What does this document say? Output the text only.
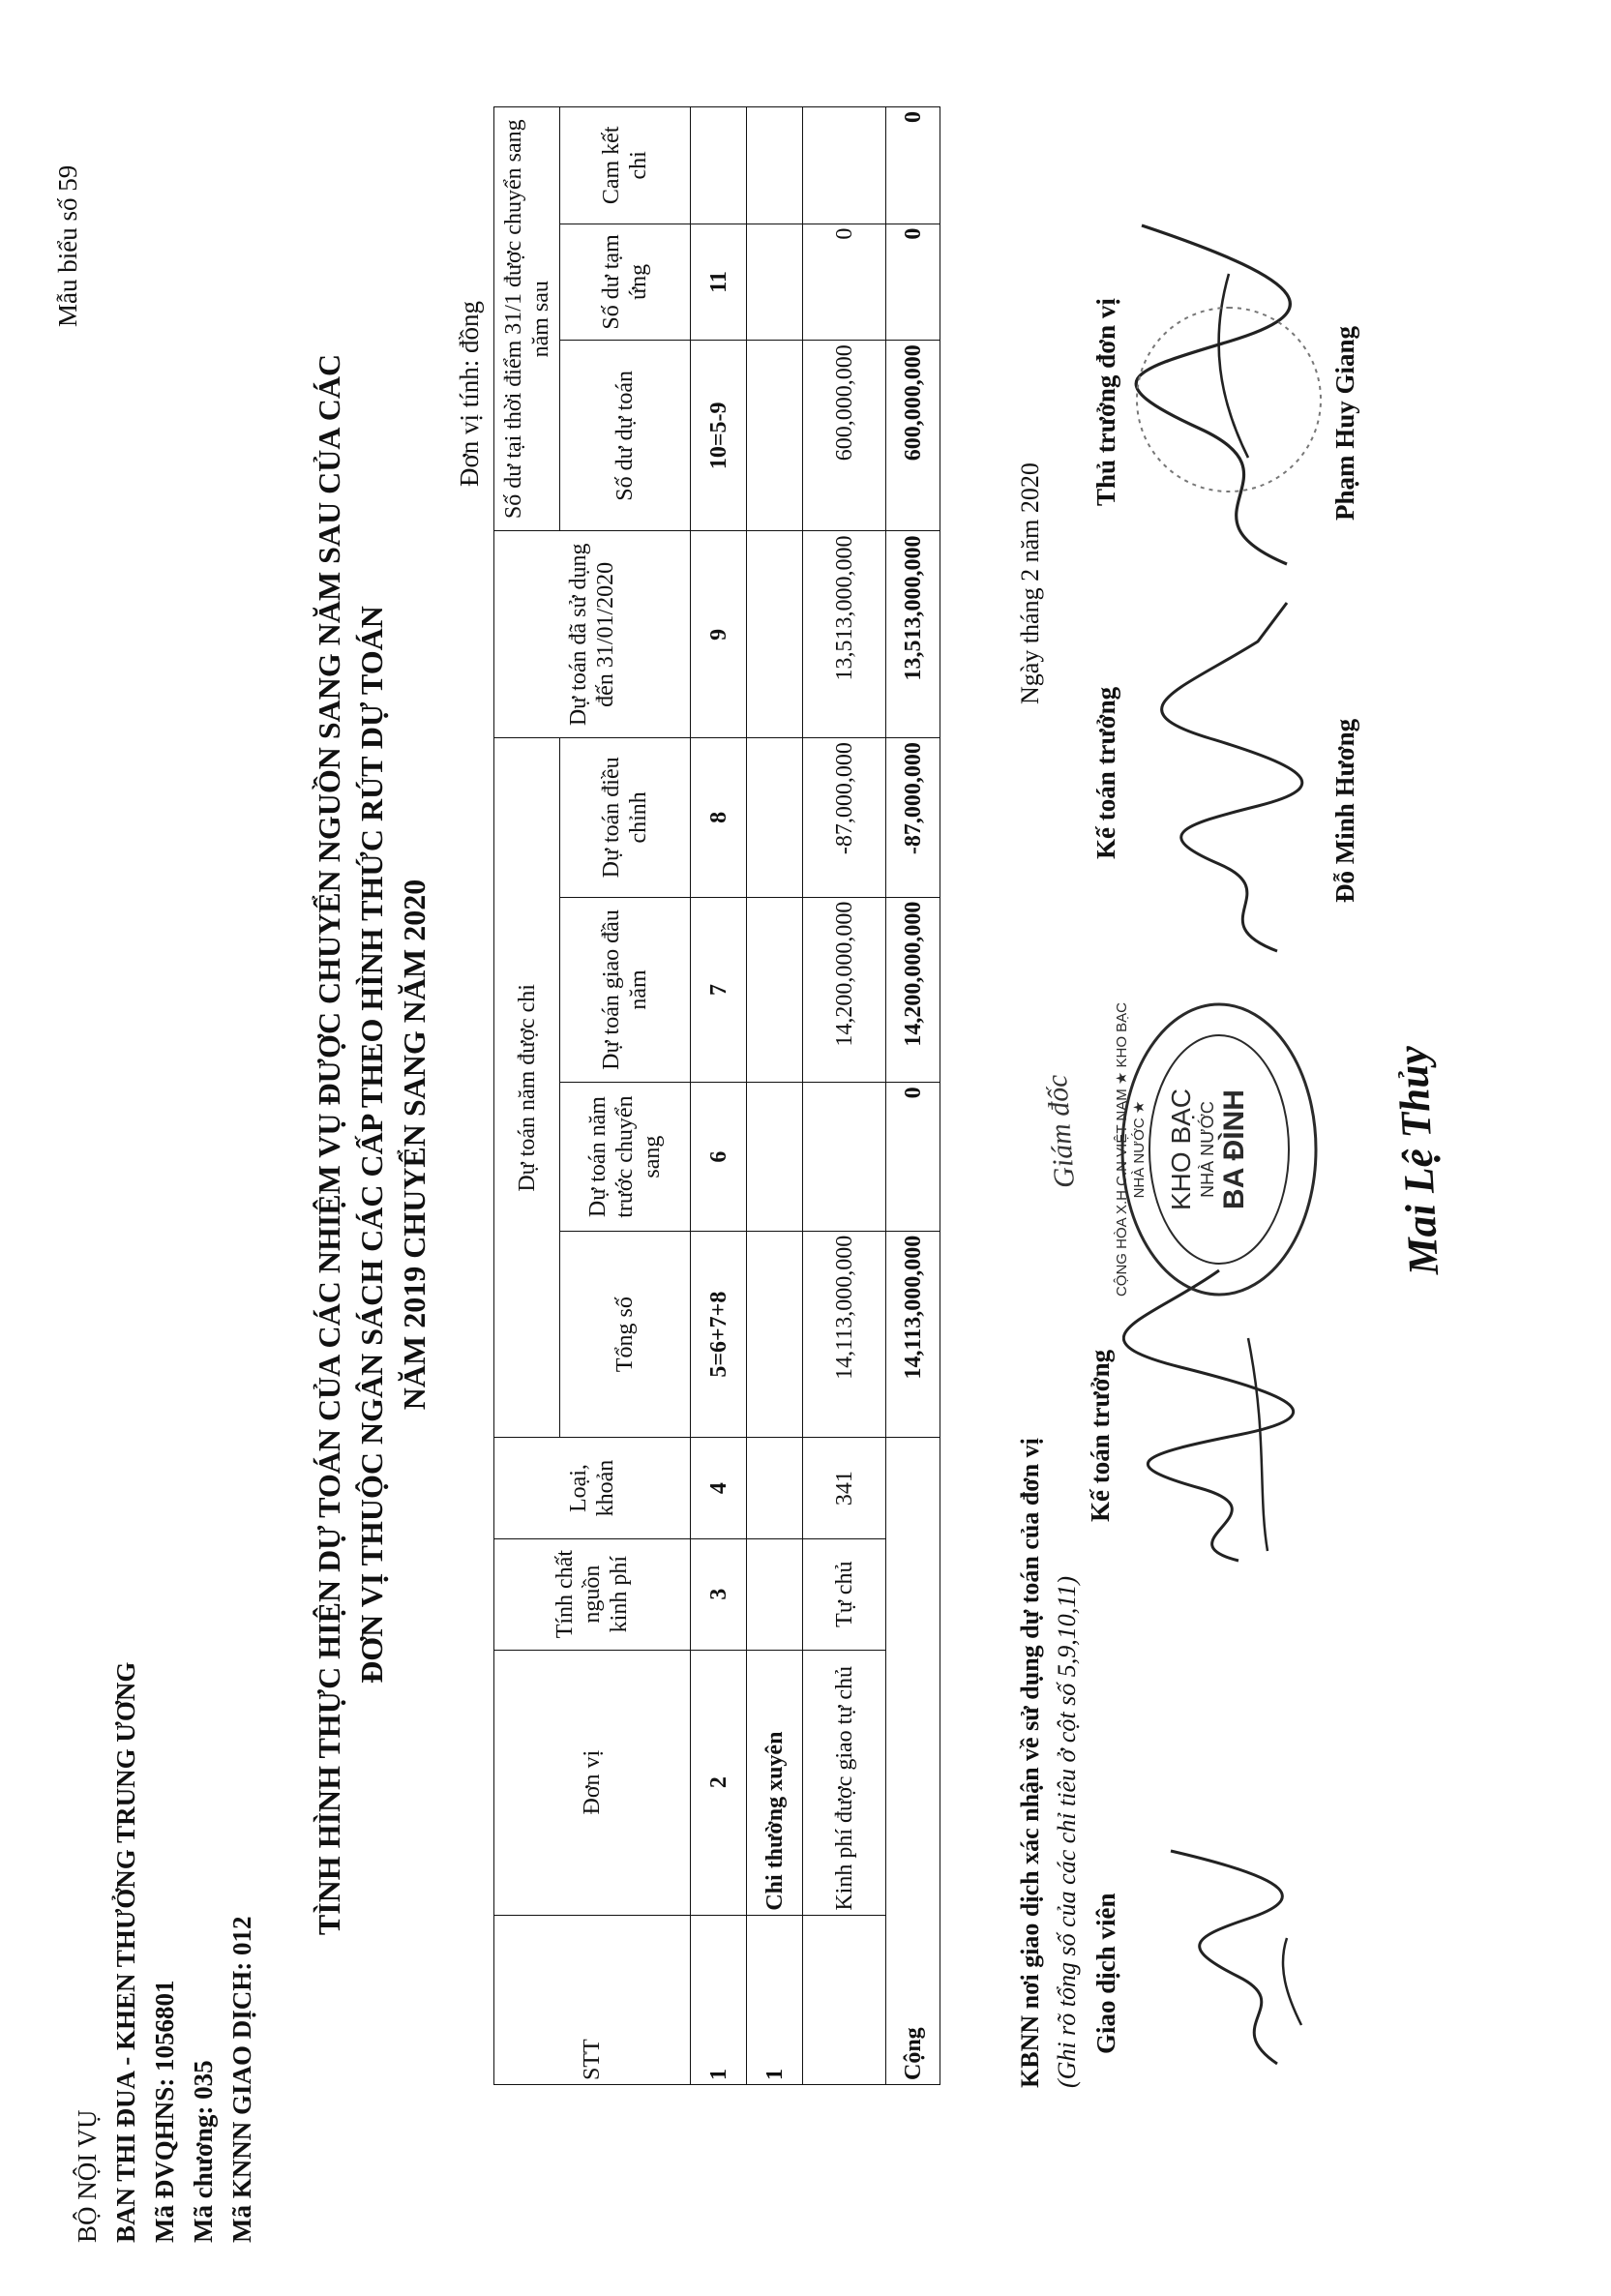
Mẫu biểu số 59
BỘ NỘI VỤ BAN THI ĐUA - KHEN THƯỞNG TRUNG ƯƠNG Mã ĐVQHNS: 1056801 Mã chương: 035 Mã KNNN GIAO DỊCH: 012
TÌNH HÌNH THỰC HIỆN DỰ TOÁN CỦA CÁC NHIỆM VỤ ĐƯỢC CHUYỂN NGUỒN SANG NĂM SAU CỦA CÁC ĐƠN VỊ THUỘC NGÂN SÁCH CÁC CẤP THEO HÌNH THỨC RÚT DỰ TOÁN NĂM 2019 CHUYỂN SANG NĂM 2020
Đơn vị tính: đồng
STT	Đơn vị	Tính chất nguồn kinh phí	Loại, khoản	Dự toán năm được chi				Dự toán đã sử dụng đến 31/01/2020	Số dư tại thời điểm 31/1 được chuyển sang năm sau		
				Tổng số	Dự toán năm trước chuyển sang	Dự toán giao đầu năm	Dự toán điều chỉnh		Số dư dự toán	Số dư tạm ứng	Cam kết chi
1	2	3	4	5=6+7+8	6	7	8	9	10=5-9	11	
1	Chi thường xuyên										
	Kinh phí được giao tự chủ	Tự chủ	341	14,113,000,000		14,200,000,000	-87,000,000	13,513,000,000	600,000,000	0	
Cộng				14,113,000,000	0	14,200,000,000	-87,000,000	13,513,000,000	600,000,000	0	0
KBNN nơi giao dịch xác nhận về sử dụng dự toán của đơn vị (Ghi rõ tổng số của các chỉ tiêu ở cột số 5,9,10,11)
Ngày tháng 2 năm 2020
Giao dịch viên
Kế toán trưởng
Giám đốc
Kế toán trưởng
Thủ trưởng đơn vị
Đỗ Minh Hương
Phạm Huy Giang
CỘNG HÒA X.H.C.N VIỆT NAM ★ KHO BẠC NHÀ NƯỚC ★ KHO BẠC NHÀ NƯỚC BA ĐÌNH	Mai Lệ Thủy
